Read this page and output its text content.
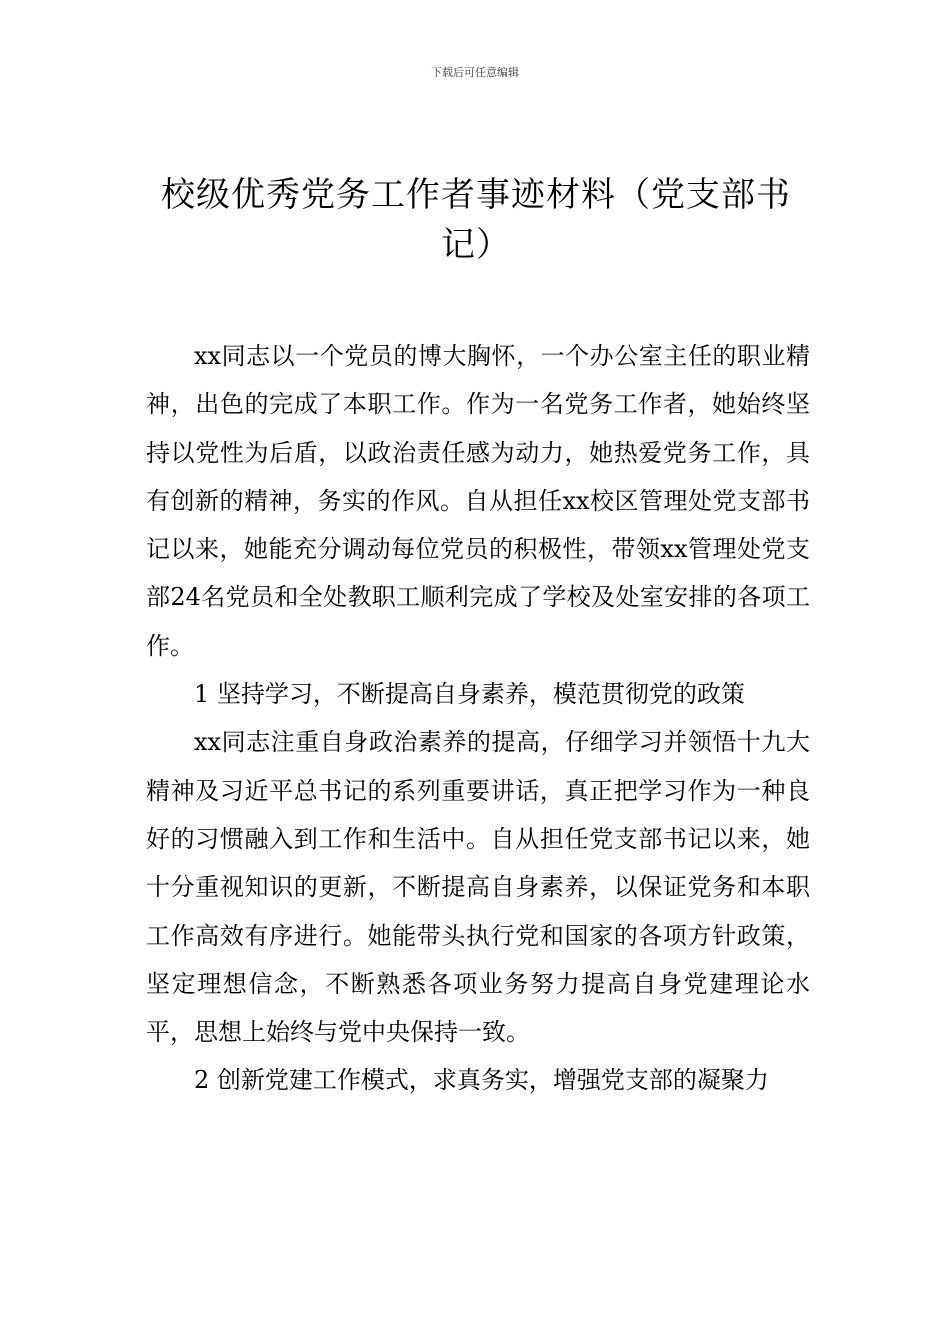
下载后可任意编辑
校级优秀党务工作者事迹材料（党支部书记）

xx同志以一个党员的博大胸怀，一个办公室主任的职业精神，出色的完成了本职工作。作为一名党务工作者，她始终坚持以党性为后盾，以政治责任感为动力，她热爱党务工作，具有创新的精神，务实的作风。自从担任xx校区管理处党支部书记以来，她能充分调动每位党员的积极性，带领xx管理处党支部24名党员和全处教职工顺利完成了学校及处室安排的各项工作。

1 坚持学习，不断提高自身素养，模范贯彻党的政策

xx同志注重自身政治素养的提高，仔细学习并领悟十九大精神及习近平总书记的系列重要讲话，真正把学习作为一种良好的习惯融入到工作和生活中。自从担任党支部书记以来，她十分重视知识的更新，不断提高自身素养，以保证党务和本职工作高效有序进行。她能带头执行党和国家的各项方针政策，坚定理想信念，不断熟悉各项业务努力提高自身党建理论水平，思想上始终与党中央保持一致。

2 创新党建工作模式，求真务实，增强党支部的凝聚力
